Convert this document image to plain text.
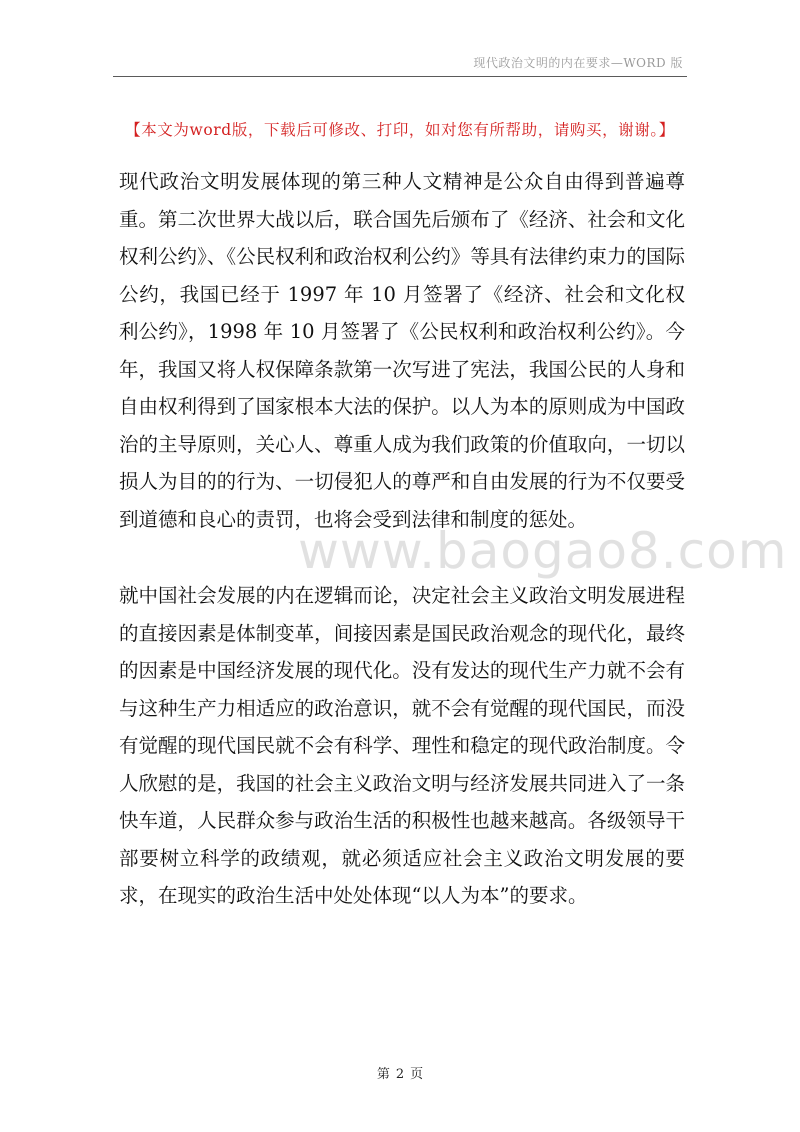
现代政治文明的内在要求—WORD 版
【本文为word版，下载后可修改、打印，如对您有所帮助，请购买，谢谢。】

现代政治文明发展体现的第三种人文精神是公众自由得到普遍尊重。第二次世界大战以后，联合国先后颁布了《经济、社会和文化权利公约》、《公民权利和政治权利公约》等具有法律约束力的国际公约，我国已经于 1997 年 10 月签署了《经济、社会和文化权利公约》，1998 年 10 月签署了《公民权利和政治权利公约》。今年，我国又将人权保障条款第一次写进了宪法，我国公民的人身和自由权利得到了国家根本大法的保护。以人为本的原则成为中国政治的主导原则，关心人、尊重人成为我们政策的价值取向，一切以损人为目的的行为、一切侵犯人的尊严和自由发展的行为不仅要受到道德和良心的责罚，也将会受到法律和制度的惩处。

www.baogao8.com

就中国社会发展的内在逻辑而论，决定社会主义政治文明发展进程的直接因素是体制变革，间接因素是国民政治观念的现代化，最终的因素是中国经济发展的现代化。没有发达的现代生产力就不会有与这种生产力相适应的政治意识，就不会有觉醒的现代国民，而没有觉醒的现代国民就不会有科学、理性和稳定的现代政治制度。令人欣慰的是，我国的社会主义政治文明与经济发展共同进入了一条快车道，人民群众参与政治生活的积极性也越来越高。各级领导干部要树立科学的政绩观，就必须适应社会主义政治文明发展的要求，在现实的政治生活中处处体现“以人为本”的要求。

第 2 页
